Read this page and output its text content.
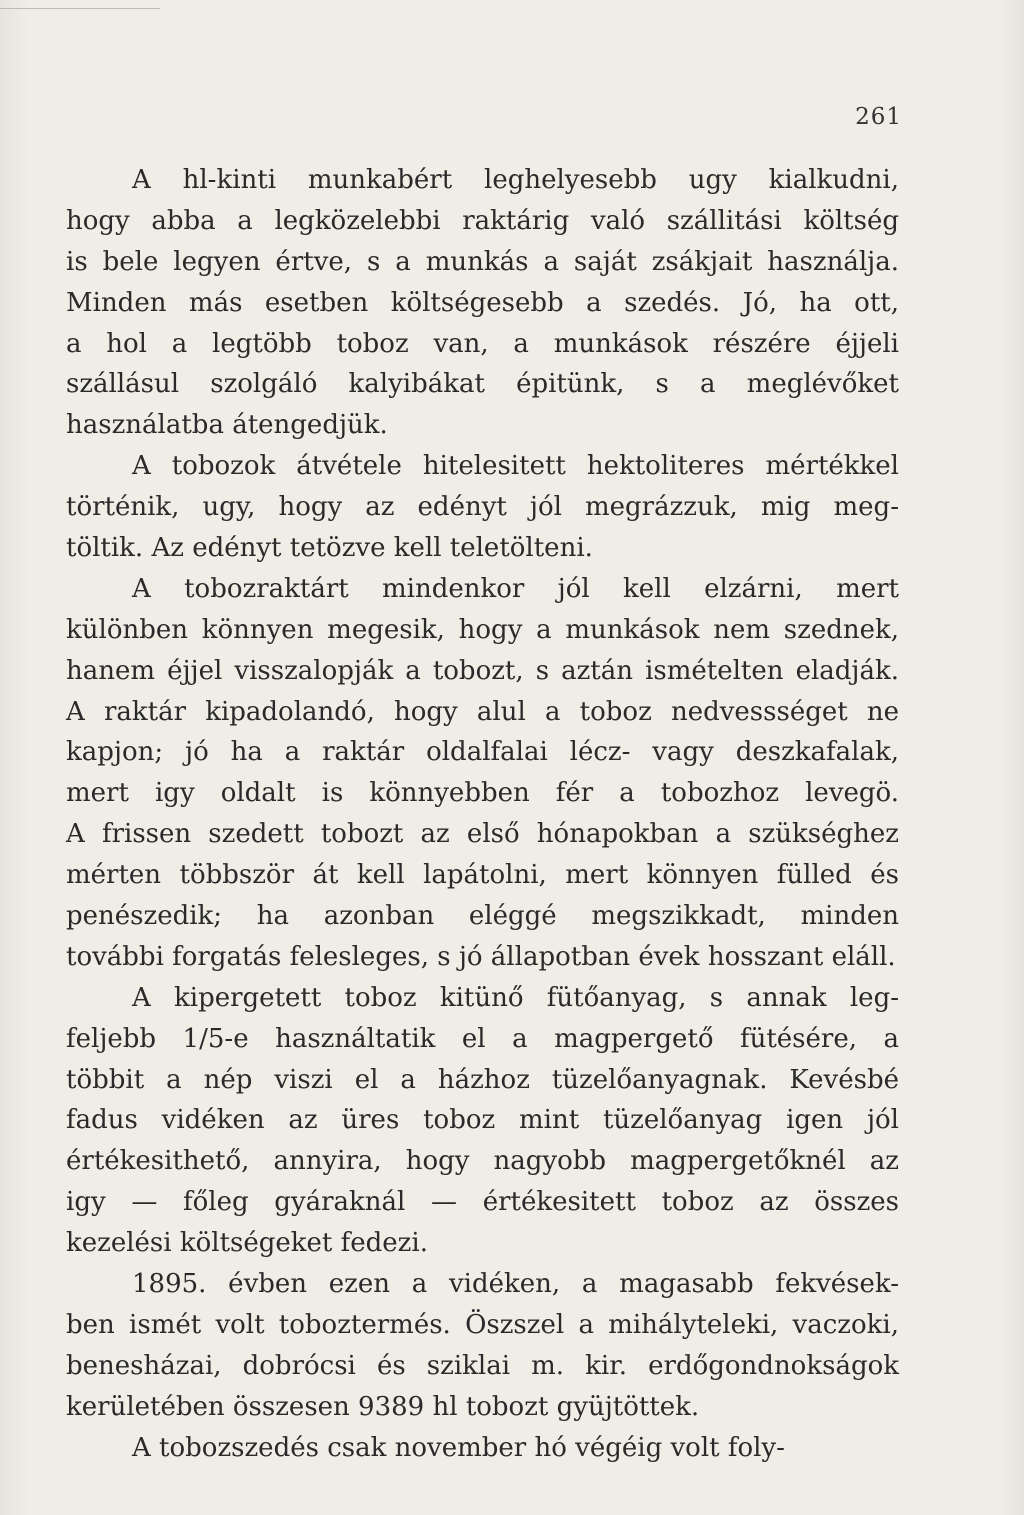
261
A hl-kinti munkabért leghelyesebb ugy kialkudni,
hogy abba a legközelebbi raktárig való szállitási költség
is bele legyen értve, s a munkás a saját zsákjait használja.
Minden más esetben költségesebb a szedés. Jó, ha ott,
a hol a legtöbb toboz van, a munkások részére éjjeli
szállásul szolgáló kalyibákat épitünk, s a meglévőket
használatba átengedjük.
A tobozok átvétele hitelesitett hektoliteres mértékkel
történik, ugy, hogy az edényt jól megrázzuk, mig meg-
töltik. Az edényt tetözve kell teletölteni.
A tobozraktárt mindenkor jól kell elzárni, mert
különben könnyen megesik, hogy a munkások nem szednek,
hanem éjjel visszalopják a tobozt, s aztán ismételten eladják.
A raktár kipadolandó, hogy alul a toboz nedvessséget ne
kapjon; jó ha a raktár oldalfalai lécz- vagy deszkafalak,
mert igy oldalt is könnyebben fér a tobozhoz levegö.
A frissen szedett tobozt az első hónapokban a szükséghez
mérten többször át kell lapátolni, mert könnyen fülled és
penészedik; ha azonban eléggé megszikkadt, minden
további forgatás felesleges, s jó állapotban évek hosszant eláll.
A kipergetett toboz kitünő fütőanyag, s annak leg-
feljebb 1/5-e használtatik el a magpergető fütésére, a
többit a nép viszi el a házhoz tüzelőanyagnak. Kevésbé
fadus vidéken az üres toboz mint tüzelőanyag igen jól
értékesithető, annyira, hogy nagyobb magpergetőknél az
igy — főleg gyáraknál — értékesitett toboz az összes
kezelési költségeket fedezi.
1895. évben ezen a vidéken, a magasabb fekvések-
ben ismét volt toboztermés. Öszszel a mihályteleki, vaczoki,
benesházai, dobrócsi és sziklai m. kir. erdőgondnokságok
kerületében összesen 9389 hl tobozt gyüjtöttek.
A tobozszedés csak november hó végéig volt foly-
